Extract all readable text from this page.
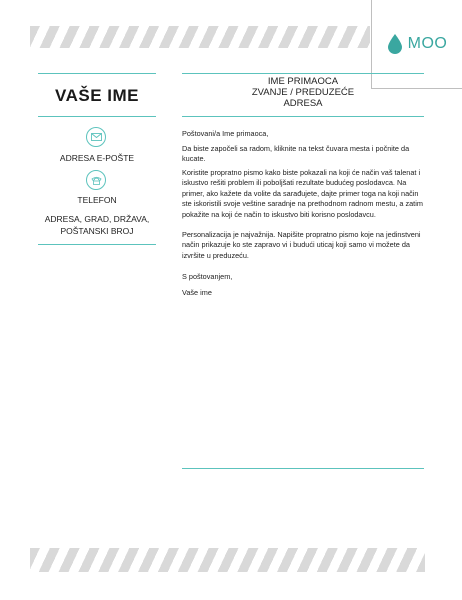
MOO
VAŠE IME
ADRESA E-POŠTE
TELEFON
ADRESA, GRAD, DRŽAVA,
POŠTANSKI BROJ
IME PRIMAOCA
ZVANJE / PREDUZEĆE
ADRESA

Poštovani/a Ime primaoca,

Da biste započeli sa radom, kliknite na tekst čuvara mesta i počnite da kucate.

Koristite propratno pismo kako biste pokazali na koji će način vaš talenat i iskustvo rešiti problem ili poboljšati rezultate budućeg poslodavca. Na primer, ako kažete da volite da sarađujete, dajte primer toga na koji način ste iskoristili svoje veštine saradnje na prethodnom radnom mestu, a zatim pokažite na koji će način to iskustvo biti korisno poslodavcu.

Personalizacija je najvažnija. Napišite propratno pismo koje na jedinstveni način prikazuje ko ste zapravo vi i budući uticaj koji samo vi možete da izvršite u preduzeću.

S poštovanjem,

Vaše ime
